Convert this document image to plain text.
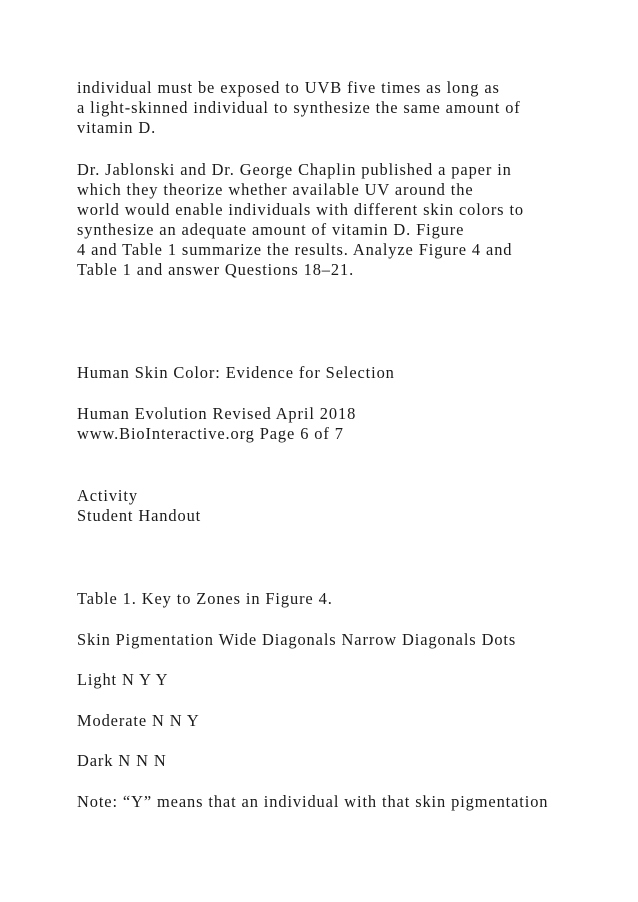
individual must be exposed to UVB five times as long as
a light-skinned individual to synthesize the same amount of
vitamin D.
Dr. Jablonski and Dr. George Chaplin published a paper in
which they theorize whether available UV around the
world would enable individuals with different skin colors to
synthesize an adequate amount of vitamin D. Figure
4 and Table 1 summarize the results. Analyze Figure 4 and
Table 1 and answer Questions 18–21.
Human Skin Color: Evidence for Selection
Human Evolution Revised April 2018
www.BioInteractive.org Page 6 of 7
Activity
Student Handout
Table 1. Key to Zones in Figure 4.
Skin Pigmentation Wide Diagonals Narrow Diagonals Dots
Light N Y Y
Moderate N N Y
Dark N N N
Note: “Y” means that an individual with that skin pigmentation
